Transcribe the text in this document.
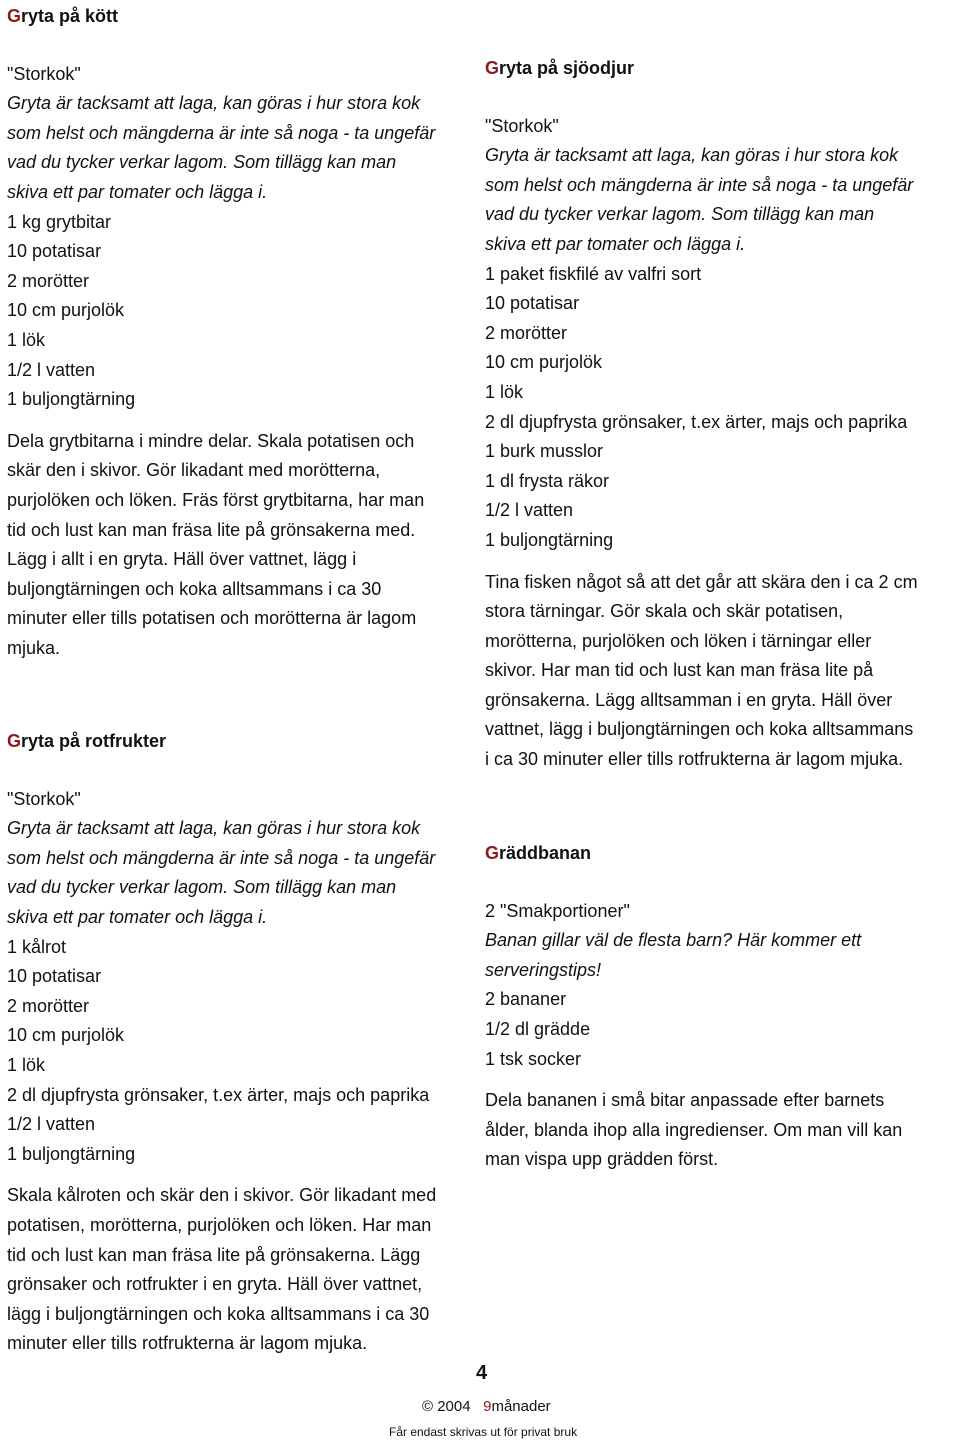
Gryta på kött
"Storkok"
Gryta är tacksamt att laga, kan göras i hur stora kok
som helst och mängderna är inte så noga - ta ungefär
vad du tycker verkar lagom. Som tillägg kan man
skiva ett par tomater och lägga i.
1 kg grytbitar
10 potatisar
2 morötter
10 cm purjolök
1 lök
1/2 l vatten
1 buljongtärning
Dela grytbitarna i mindre delar. Skala potatisen och
skär den i skivor. Gör likadant med morötterna,
purjolöken och löken. Fräs först grytbitarna, har man
tid och lust kan man fräsa lite på grönsakerna med.
Lägg i allt i en gryta. Häll över vattnet, lägg i
buljongtärningen och koka alltsammans i ca 30
minuter eller tills potatisen och morötterna är lagom
mjuka.
Gryta på rotfrukter
"Storkok"
Gryta är tacksamt att laga, kan göras i hur stora kok
som helst och mängderna är inte så noga - ta ungefär
vad du tycker verkar lagom. Som tillägg kan man
skiva ett par tomater och lägga i.
1 kålrot
10 potatisar
2 morötter
10 cm purjolök
1 lök
2 dl djupfrysta grönsaker, t.ex ärter, majs och paprika
1/2 l vatten
1 buljongtärning
Skala kålroten och skär den i skivor. Gör likadant med
potatisen, morötterna, purjolöken och löken. Har man
tid och lust kan man fräsa lite på grönsakerna. Lägg
grönsaker och rotfrukter i en gryta. Häll över vattnet,
lägg i buljongtärningen och koka alltsammans i ca 30
minuter eller tills rotfrukterna är lagom mjuka.
Gryta på sjöodjur
"Storkok"
Gryta är tacksamt att laga, kan göras i hur stora kok
som helst och mängderna är inte så noga - ta ungefär
vad du tycker verkar lagom. Som tillägg kan man
skiva ett par tomater och lägga i.
1 paket fiskfilé av valfri sort
10 potatisar
2 morötter
10 cm purjolök
1 lök
2 dl djupfrysta grönsaker, t.ex ärter, majs och paprika
1 burk musslor
1 dl frysta räkor
1/2 l vatten
1 buljongtärning
Tina fisken något så att det går att skära den i ca 2 cm
stora tärningar. Gör skala och skär potatisen,
morötterna, purjolöken och löken i tärningar eller
skivor. Har man tid och lust kan man fräsa lite på
grönsakerna. Lägg alltsamman i en gryta. Häll över
vattnet, lägg i buljongtärningen och koka alltsammans
i ca 30 minuter eller tills rotfrukterna är lagom mjuka.
Gräddbanan
2 "Smakportioner"
Banan gillar väl de flesta barn? Här kommer ett
serveringstips!
2 bananer
1/2 dl grädde
1 tsk socker
Dela bananen i små bitar anpassade efter barnets
ålder, blanda ihop alla ingredienser. Om man vill kan
man vispa upp grädden först.
4
© 2004 9månader
Får endast skrivas ut för privat bruk
